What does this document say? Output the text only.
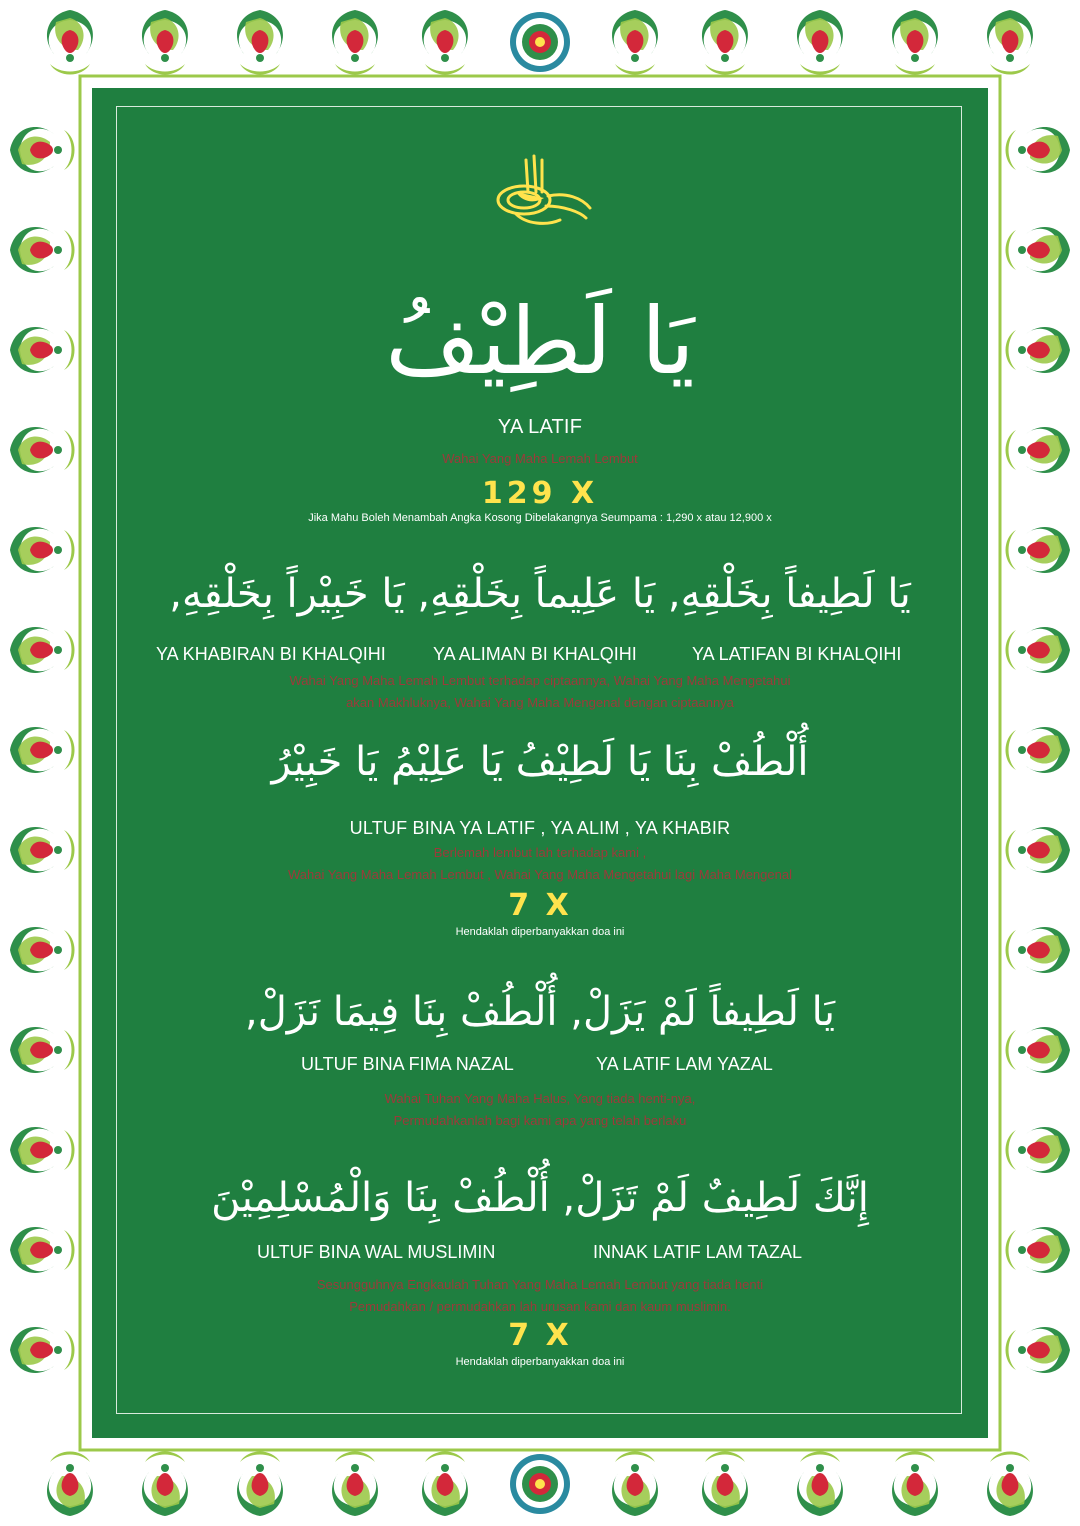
يَا لَطِيْفُ

YA LATIF

Wahai Yang Maha Lemah Lembut

129 X

Jika Mahu Boleh Menambah Angka Kosong Dibelakangnya Seumpama : 1,290 x atau 12,900 x

يَا لَطِيفاً بِخَلْقِهِ, يَا عَلِيماً بِخَلْقِهِ, يَا خَبِيْراً بِخَلْقِهِ,

YA KHABIRAN BI KHALQIHI	YA ALIMAN BI KHALQIHI	YA LATIFAN BI KHALQIHI

Wahai Yang Maha Lemah Lembut terhadap ciptaannya, Wahai Yang Maha Mengetahui

akan Makhluknya, Wahai Yang Maha Mengenal dengan ciptaannya

أُلْطُفْ بِنَا يَا لَطِيْفُ يَا عَلِيْمُ يَا خَبِيْرُ

ULTUF BINA YA LATIF , YA ALIM , YA KHABIR

Berlemah lembut lah terhadap kami ,

Wahai Yang Maha Lemah Lembut , Wahai Yang Maha Mengetahui lagi Maha Mengenal

7 X

Hendaklah diperbanyakkan doa ini

يَا لَطِيفاً لَمْ يَزَلْ, أُلْطُفْ بِنَا فِيمَا نَزَلْ,

ULTUF BINA FIMA NAZAL	YA LATIF LAM YAZAL

Wahai Tuhan Yang Maha Halus, Yang tiada henti-nya,

Permudahkanlah bagi kami apa yang telah berlaku

إِنَّكَ لَطِيفٌ لَمْ تَزَلْ, أُلْطُفْ بِنَا وَالْمُسْلِمِيْنَ

ULTUF BINA WAL MUSLIMIN	INNAK LATIF LAM TAZAL

Sesungguhnya Engkaulah Tuhan Yang Maha Lemah Lembut yang tiada henti

Pemudahkan / permudahkan lah urusan kami dan kaum muslimin.

7 X

Hendaklah diperbanyakkan doa ini
